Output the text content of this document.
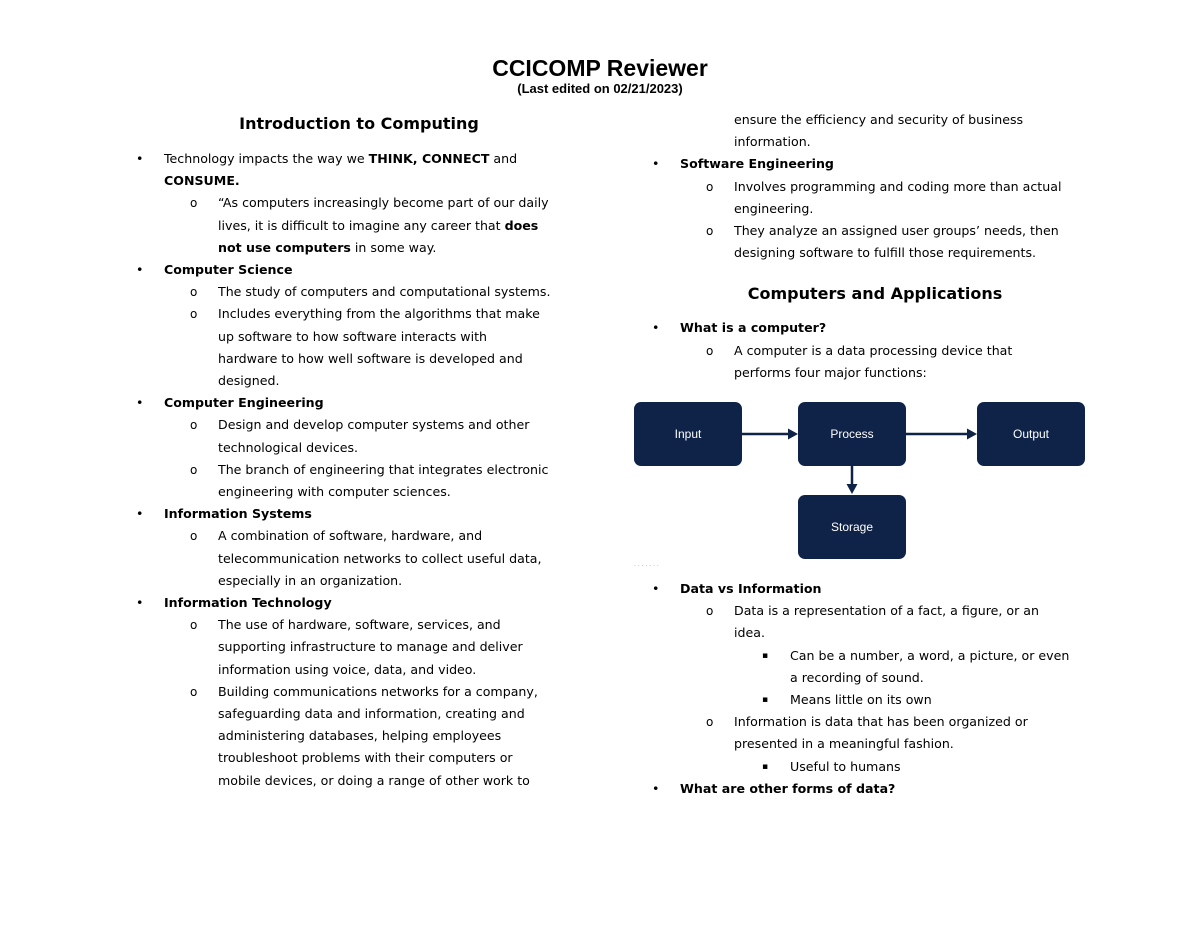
CCICOMP Reviewer
(Last edited on 02/21/2023)
Introduction to Computing
• Technology impacts the way we THINK, CONNECT and
CONSUME.
o “As computers increasingly become part of our daily
lives, it is difficult to imagine any career that does
not use computers in some way.
• Computer Science
o The study of computers and computational systems.
o Includes everything from the algorithms that make
up software to how software interacts with
hardware to how well software is developed and
designed.
• Computer Engineering
o Design and develop computer systems and other
technological devices.
o The branch of engineering that integrates electronic
engineering with computer sciences.
• Information Systems
o A combination of software, hardware, and
telecommunication networks to collect useful data,
especially in an organization.
• Information Technology
o The use of hardware, software, services, and
supporting infrastructure to manage and deliver
information using voice, data, and video.
o Building communications networks for a company,
safeguarding data and information, creating and
administering databases, helping employees
troubleshoot problems with their computers or
mobile devices, or doing a range of other work to
ensure the efficiency and security of business
information.
• Software Engineering
o Involves programming and coding more than actual
engineering.
o They analyze an assigned user groups’ needs, then
designing software to fulfill those requirements.
Computers and Applications
• What is a computer?
o A computer is a data processing device that
performs four major functions:
Input	Process	Output
Storage
· · · · · · ·
• Data vs Information
o Data is a representation of a fact, a figure, or an
idea.
▪ Can be a number, a word, a picture, or even
a recording of sound.
▪ Means little on its own
o Information is data that has been organized or
presented in a meaningful fashion.
▪ Useful to humans
• What are other forms of data?
